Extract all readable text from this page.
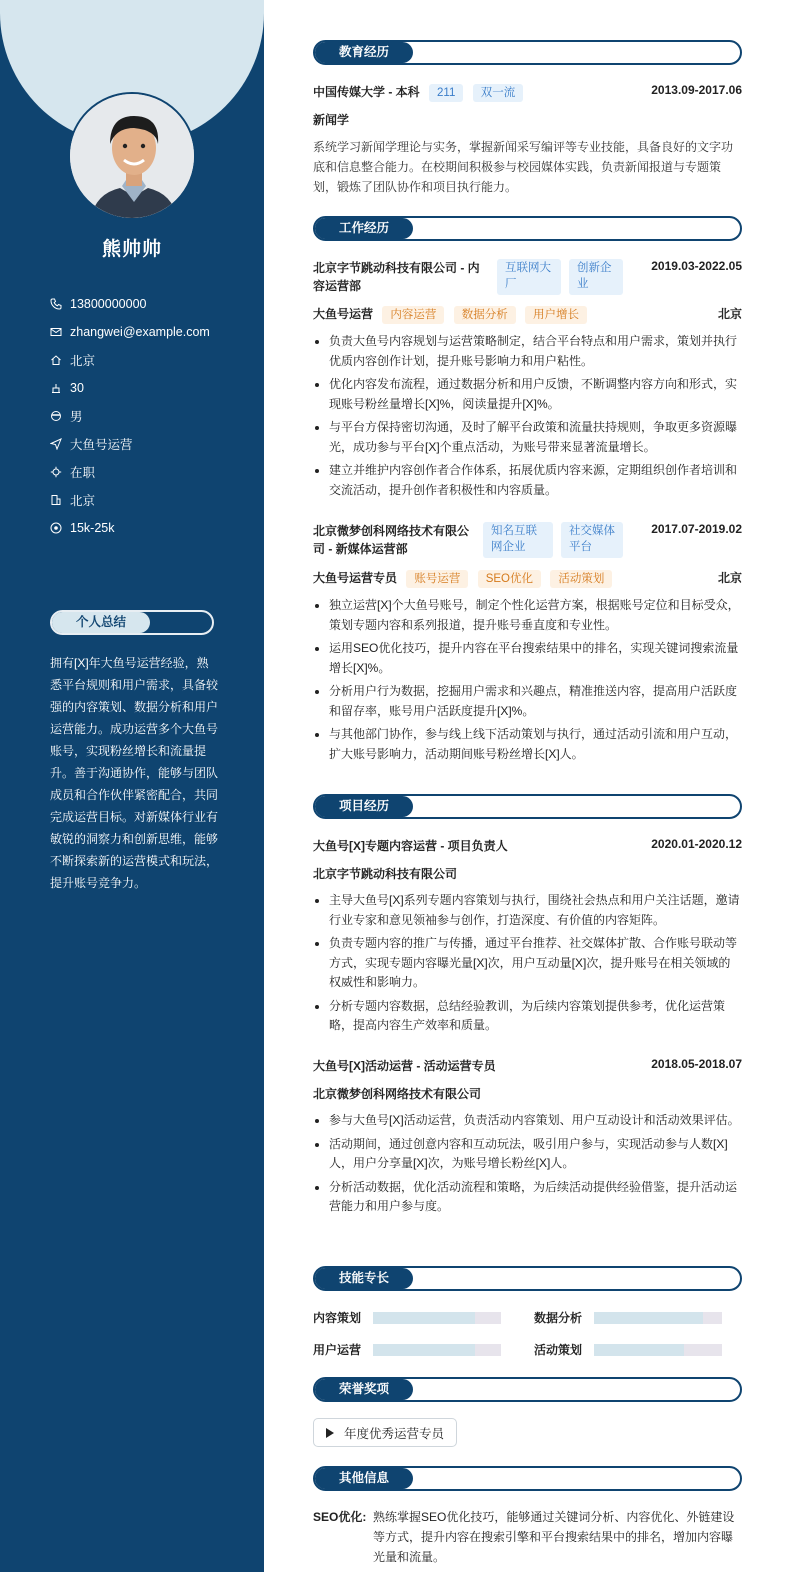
熊帅帅
13800000000
zhangwei@example.com
北京
30
男
大鱼号运营
在职
北京
15k-25k
个人总结
拥有[X]年大鱼号运营经验，熟悉平台规则和用户需求，具备较强的内容策划、数据分析和用户运营能力。成功运营多个大鱼号账号，实现粉丝增长和流量提升。善于沟通协作，能够与团队成员和合作伙伴紧密配合，共同完成运营目标。对新媒体行业有敏锐的洞察力和创新思维，能够不断探索新的运营模式和玩法，提升账号竞争力。
教育经历
中国传媒大学 - 本科 211 双一流	2013.09-2017.06
新闻学
系统学习新闻学理论与实务，掌握新闻采写编评等专业技能，具备良好的文字功底和信息整合能力。在校期间积极参与校园媒体实践，负责新闻报道与专题策划，锻炼了团队协作和项目执行能力。
工作经历
北京字节跳动科技有限公司 - 内容运营部
互联网大厂
创新企业
2019.03-2022.05
大鱼号运营 内容运营 数据分析 用户增长	北京
负责大鱼号内容规划与运营策略制定，结合平台特点和用户需求，策划并执行优质内容创作计划，提升账号影响力和用户粘性。
优化内容发布流程，通过数据分析和用户反馈，不断调整内容方向和形式，实现账号粉丝量增长[X]%，阅读量提升[X]%。
与平台方保持密切沟通，及时了解平台政策和流量扶持规则，争取更多资源曝光，成功参与平台[X]个重点活动，为账号带来显著流量增长。
建立并维护内容创作者合作体系，拓展优质内容来源，定期组织创作者培训和交流活动，提升创作者积极性和内容质量。
北京微梦创科网络技术有限公司 - 新媒体运营部
知名互联网企业
社交媒体平台
2017.07-2019.02
大鱼号运营专员 账号运营 SEO优化 活动策划	北京
独立运营[X]个大鱼号账号，制定个性化运营方案，根据账号定位和目标受众，策划专题内容和系列报道，提升账号垂直度和专业性。
运用SEO优化技巧，提升内容在平台搜索结果中的排名，实现关键词搜索流量增长[X]%。
分析用户行为数据，挖掘用户需求和兴趣点，精准推送内容，提高用户活跃度和留存率，账号用户活跃度提升[X]%。
与其他部门协作，参与线上线下活动策划与执行，通过活动引流和用户互动，扩大账号影响力，活动期间账号粉丝增长[X]人。
项目经历
大鱼号[X]专题内容运营 - 项目负责人	2020.01-2020.12
北京字节跳动科技有限公司
主导大鱼号[X]系列专题内容策划与执行，围绕社会热点和用户关注话题，邀请行业专家和意见领袖参与创作，打造深度、有价值的内容矩阵。
负责专题内容的推广与传播，通过平台推荐、社交媒体扩散、合作账号联动等方式，实现专题内容曝光量[X]次，用户互动量[X]次，提升账号在相关领域的权威性和影响力。
分析专题内容数据，总结经验教训，为后续内容策划提供参考，优化运营策略，提高内容生产效率和质量。
大鱼号[X]活动运营 - 活动运营专员	2018.05-2018.07
北京微梦创科网络技术有限公司
参与大鱼号[X]活动运营，负责活动内容策划、用户互动设计和活动效果评估。
活动期间，通过创意内容和互动玩法，吸引用户参与，实现活动参与人数[X]人，用户分享量[X]次，为账号增长粉丝[X]人。
分析活动数据，优化活动流程和策略，为后续活动提供经验借鉴，提升活动运营能力和用户参与度。
技能专长
内容策划	数据分析
用户运营	活动策划
荣誉奖项
年度优秀运营专员
其他信息
SEO优化: 熟练掌握SEO优化技巧，能够通过关键词分析、内容优化、外链建设等方式，提升内容在搜索引擎和平台搜索结果中的排名，增加内容曝光量和流量。
